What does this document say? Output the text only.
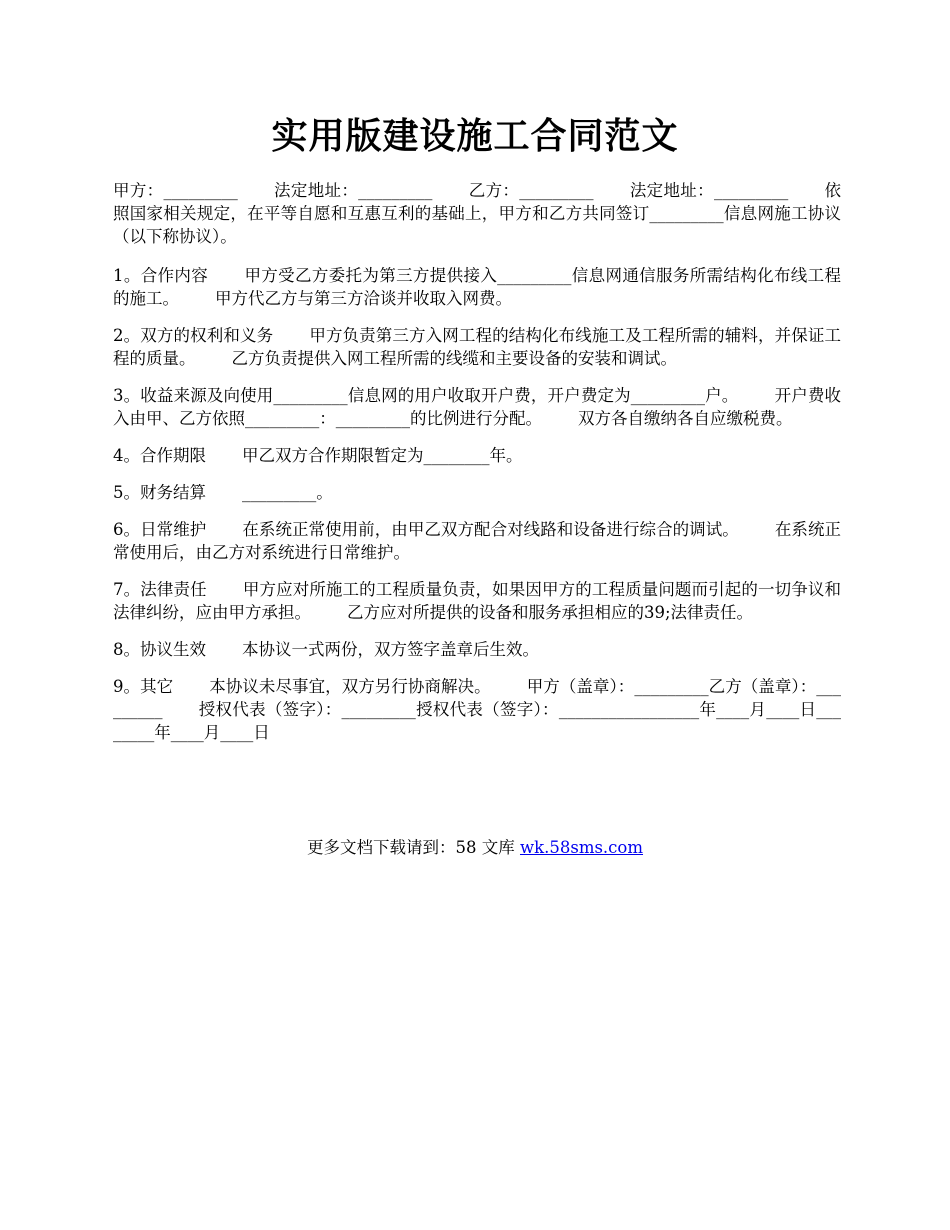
实用版建设施工合同范文

甲方：_________ 法定地址：_________ 乙方：_________ 法定地址：_________ 依照国家相关规定，在平等自愿和互惠互利的基础上，甲方和乙方共同签订_________信息网施工协议（以下称协议）。

1。合作内容 甲方受乙方委托为第三方提供接入_________信息网通信服务所需结构化布线工程的施工。 甲方代乙方与第三方洽谈并收取入网费。

2。双方的权利和义务 甲方负责第三方入网工程的结构化布线施工及工程所需的辅料，并保证工程的质量。 乙方负责提供入网工程所需的线缆和主要设备的安装和调试。

3。收益来源及向使用_________信息网的用户收取开户费，开户费定为_________户。 开户费收入由甲、乙方依照_________：_________的比例进行分配。 双方各自缴纳各自应缴税费。

4。合作期限 甲乙双方合作期限暂定为________年。

5。财务结算 _________。

6。日常维护 在系统正常使用前，由甲乙双方配合对线路和设备进行综合的调试。 在系统正常使用后，由乙方对系统进行日常维护。

7。法律责任 甲方应对所施工的工程质量负责，如果因甲方的工程质量问题而引起的一切争议和法律纠纷，应由甲方承担。 乙方应对所提供的设备和服务承担相应的39;法律责任。

8。协议生效 本协议一式两份，双方签字盖章后生效。

9。其它 本协议未尽事宜，双方另行协商解决。 甲方（盖章）：_________乙方（盖章）：_________ 授权代表（签字）：_________授权代表（签字）：_________________年____月____日________年____月____日

更多文档下载请到：58 文库 wk.58sms.com
